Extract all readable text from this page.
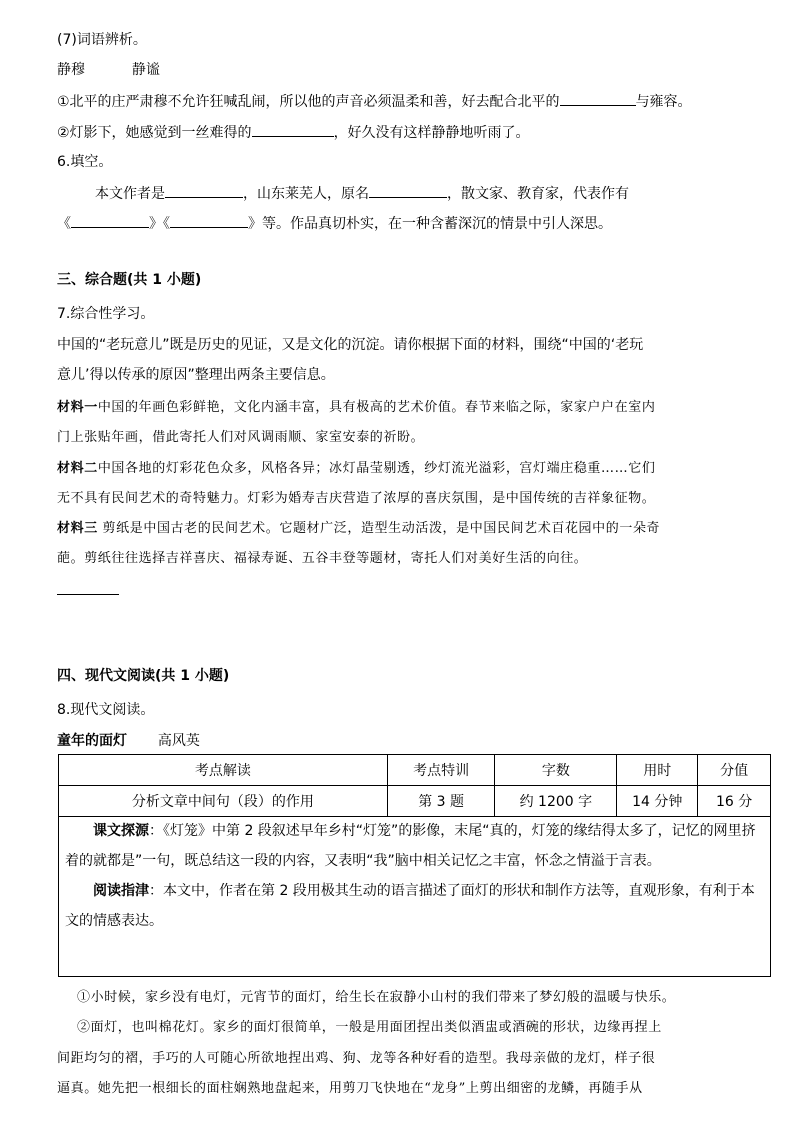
(7)词语辨析。
静穆	静谧
①北平的庄严肃穆不允许狂喊乱闹，所以他的声音必须温柔和善，好去配合北平的	与雍容。
②灯影下，她感觉到一丝难得的	，好久没有这样静静地听雨了。
6.填空。
本文作者是	，山东莱芜人，原名	，散文家、教育家，代表作有
《	》《	》等。作品真切朴实，在一种含蓄深沉的情景中引人深思。
三、综合题(共 1 小题)
7.综合性学习。
中国的“老玩意儿”既是历史的见证，又是文化的沉淀。请你根据下面的材料，围绕“中国的‘老玩
意儿’得以传承的原因”整理出两条主要信息。
材料一中国的年画色彩鲜艳，文化内涵丰富，具有极高的艺术价值。春节来临之际，家家户户在室内
门上张贴年画，借此寄托人们对风调雨顺、家室安泰的祈盼。
材料二中国各地的灯彩花色众多，风格各异；冰灯晶莹剔透，纱灯流光溢彩，宫灯端庄稳重……它们
无不具有民间艺术的奇特魅力。灯彩为婚寿吉庆营造了浓厚的喜庆氛围，是中国传统的吉祥象征物。
材料三 剪纸是中国古老的民间艺术。它题材广泛，造型生动活泼，是中国民间艺术百花园中的一朵奇
葩。剪纸往往选择吉祥喜庆、福禄寿诞、五谷丰登等题材，寄托人们对美好生活的向往。
四、现代文阅读(共 1 小题)
8.现代文阅读。
童年的面灯 高风英
考点解读	考点特训	字数	用时	分值
分析文章中间句（段）的作用	第 3 题	约 1200 字	14 分钟	16 分

课文探源：《灯笼》中第 2 段叙述早年乡村“灯笼”的影像，末尾“真的，灯笼的缘结得太多了，记忆的网里挤着的就都是”一句，既总结这一段的内容，又表明“我”脑中相关记忆之丰富，怀念之情溢于言表。

阅读指津：本文中，作者在第 2 段用极其生动的语言描述了面灯的形状和制作方法等，直观形象，有利于本文的情感表达。

①小时候，家乡没有电灯，元宵节的面灯，给生长在寂静小山村的我们带来了梦幻般的温暖与快乐。
②面灯，也叫棉花灯。家乡的面灯很简单，一般是用面团捏出类似酒盅或酒碗的形状，边缘再捏上
间距均匀的褶，手巧的人可随心所欲地捏出鸡、狗、龙等各种好看的造型。我母亲做的龙灯，样子很
逼真。她先把一根细长的面柱娴熟地盘起来，用剪刀飞快地在“龙身”上剪出细密的龙鳞，再随手从
